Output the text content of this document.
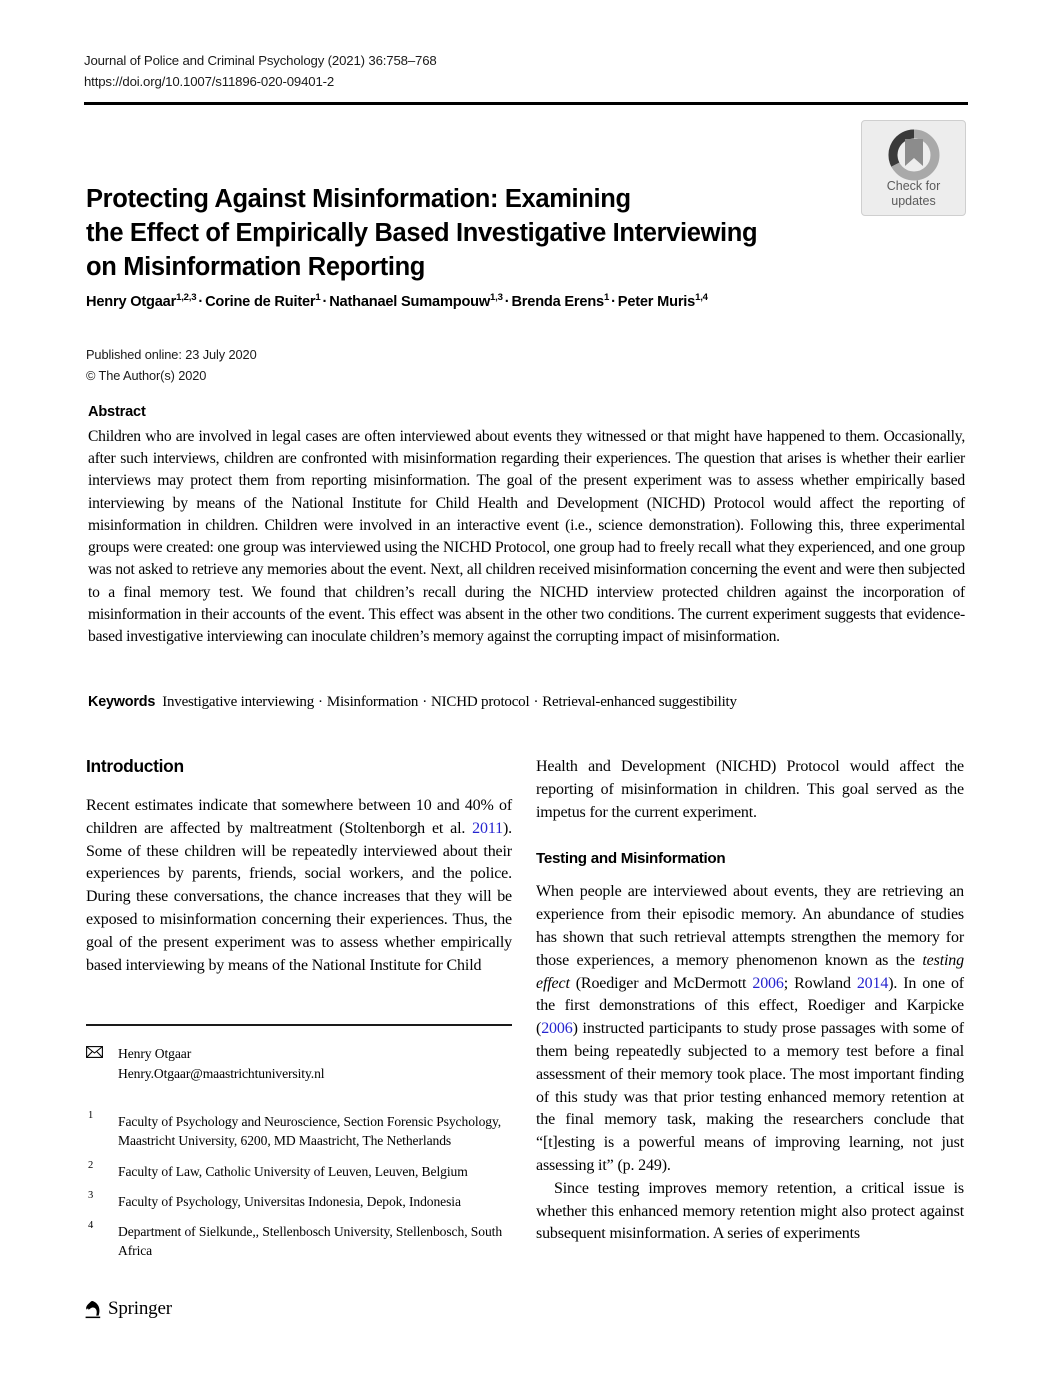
Journal of Police and Criminal Psychology (2021) 36:758–768
https://doi.org/10.1007/s11896-020-09401-2
Check for
updates
Protecting Against Misinformation: Examining
the Effect of Empirically Based Investigative Interviewing
on Misinformation Reporting
Henry Otgaar$^{1,2,3}$ · Corine de Ruiter$^1$ · Nathanael Sumampouw$^{1,3}$ · Brenda Erens$^1$ · Peter Muris$^{1,4}$
Published online: 23 July 2020
© The Author(s) 2020
Abstract
Children who are involved in legal cases are often interviewed about events they witnessed or that might have happened to them. Occasionally, after such interviews, children are confronted with misinformation regarding their experiences. The question that arises is whether their earlier interviews may protect them from reporting misinformation. The goal of the present experiment was to assess whether empirically based interviewing by means of the National Institute for Child Health and Development (NICHD) Protocol would affect the reporting of misinformation in children. Children were involved in an interactive event (i.e., science demonstration). Following this, three experimental groups were created: one group was interviewed using the NICHD Protocol, one group had to freely recall what they experienced, and one group was not asked to retrieve any memories about the event. Next, all children received misinformation concerning the event and were then subjected to a final memory test. We found that children’s recall during the NICHD interview protected children against the incorporation of misinformation in their accounts of the event. This effect was absent in the other two conditions. The current experiment suggests that evidence-based investigative interviewing can inoculate children’s memory against the corrupting impact of misinformation.
Keywords Investigative interviewing · Misinformation · NICHD protocol · Retrieval-enhanced suggestibility
Introduction

Recent estimates indicate that somewhere between 10 and 40% of children are affected by maltreatment (Stoltenborgh et al. 2011). Some of these children will be repeatedly interviewed about their experiences by parents, friends, social workers, and the police. During these conversations, the chance increases that they will be exposed to misinformation concerning their experiences. Thus, the goal of the present experiment was to assess whether empirically based interviewing by means of the National Institute for Child

Health and Development (NICHD) Protocol would affect the reporting of misinformation in children. This goal served as the impetus for the current experiment.

Testing and Misinformation

When people are interviewed about events, they are retrieving an experience from their episodic memory. An abundance of studies has shown that such retrieval attempts strengthen the memory for those experiences, a memory phenomenon known as the testing effect (Roediger and McDermott 2006; Rowland 2014). In one of the first demonstrations of this effect, Roediger and Karpicke (2006) instructed participants to study prose passages with some of them being repeatedly subjected to a memory test before a final assessment of their memory took place. The most important finding of this study was that prior testing enhanced memory retention at the final memory task, making the researchers conclude that “[t]esting is a powerful means of improving learning, not just assessing it” (p. 249).

Since testing improves memory retention, a critical issue is whether this enhanced memory retention might also protect against subsequent misinformation. A series of experiments

Henry Otgaar
Henry.Otgaar@maastrichtuniversity.nl
1 Faculty of Psychology and Neuroscience, Section Forensic Psychology, Maastricht University, 6200, MD Maastricht, The Netherlands
2 Faculty of Law, Catholic University of Leuven, Leuven, Belgium
3 Faculty of Psychology, Universitas Indonesia, Depok, Indonesia
4 Department of Sielkunde,, Stellenbosch University, Stellenbosch, South Africa
Springer
